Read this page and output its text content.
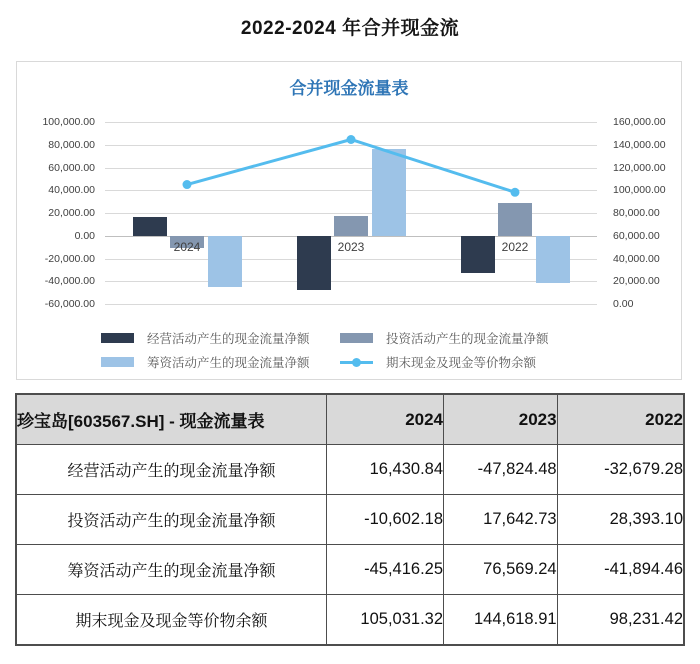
2022-2024 年合并现金流
合并现金流量表
100,000.00
80,000.00
60,000.00
40,000.00
20,000.00
0.00
-20,000.00
-40,000.00
-60,000.00
2024	2023	2022
160,000.00
140,000.00
120,000.00
100,000.00
80,000.00
60,000.00
40,000.00
20,000.00
0.00
经营活动产生的现金流量净额	投资活动产生的现金流量净额
筹资活动产生的现金流量净额	期末现金及现金等价物余额
珍宝岛[603567.SH] - 现金流量表	2024	2023	2022
经营活动产生的现金流量净额	16,430.84	-47,824.48	-32,679.28
投资活动产生的现金流量净额	-10,602.18	17,642.73	28,393.10
筹资活动产生的现金流量净额	-45,416.25	76,569.24	-41,894.46
期末现金及现金等价物余额	105,031.32	144,618.91	98,231.42
